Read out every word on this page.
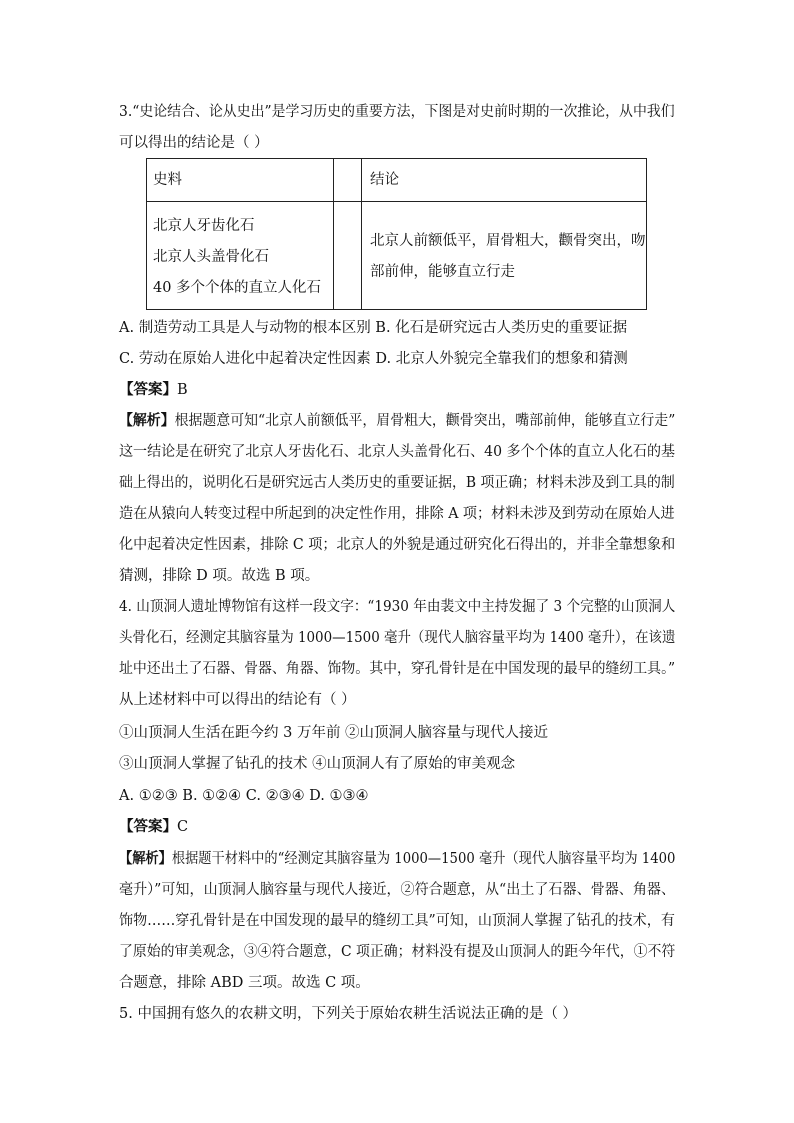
3.“史论结合、论从史出”是学习历史的重要方法，下图是对史前时期的一次推论，从中我们
可以得出的结论是（ ）
史料
北京人牙齿化石
北京人头盖骨化石
40 多个个体的直立人化石
结论
北京人前额低平，眉骨粗大，颧骨突出，吻
部前伸，能够直立行走
A. 制造劳动工具是人与动物的根本区别 B. 化石是研究远古人类历史的重要证据
C. 劳动在原始人进化中起着决定性因素 D. 北京人外貌完全靠我们的想象和猜测
【答案】B
【解析】根据题意可知“北京人前额低平，眉骨粗大，颧骨突出，嘴部前伸，能够直立行走”
这一结论是在研究了北京人牙齿化石、北京人头盖骨化石、40 多个个体的直立人化石的基
础上得出的，说明化石是研究远古人类历史的重要证据，B 项正确；材料未涉及到工具的制
造在从猿向人转变过程中所起到的决定性作用，排除 A 项；材料未涉及到劳动在原始人进
化中起着决定性因素，排除 C 项；北京人的外貌是通过研究化石得出的，并非全靠想象和
猜测，排除 D 项。故选 B 项。
4. 山顶洞人遗址博物馆有这样一段文字：“1930 年由裴文中主持发掘了 3 个完整的山顶洞人
头骨化石，经测定其脑容量为 1000—1500 毫升（现代人脑容量平均为 1400 毫升），在该遗
址中还出土了石器、骨器、角器、饰物。其中，穿孔骨针是在中国发现的最早的缝纫工具。”
从上述材料中可以得出的结论有（ ）
①山顶洞人生活在距今约 3 万年前 ②山顶洞人脑容量与现代人接近
③山顶洞人掌握了钻孔的技术 ④山顶洞人有了原始的审美观念
A. ①②③ B. ①②④ C. ②③④ D. ①③④
【答案】C
【解析】根据题干材料中的“经测定其脑容量为 1000—1500 毫升（现代人脑容量平均为 1400
毫升）”可知，山顶洞人脑容量与现代人接近，②符合题意，从“出土了石器、骨器、角器、
饰物……穿孔骨针是在中国发现的最早的缝纫工具”可知，山顶洞人掌握了钻孔的技术，有
了原始的审美观念，③④符合题意，C 项正确；材料没有提及山顶洞人的距今年代，①不符
合题意，排除 ABD 三项。故选 C 项。
5. 中国拥有悠久的农耕文明，下列关于原始农耕生活说法正确的是（ ）
